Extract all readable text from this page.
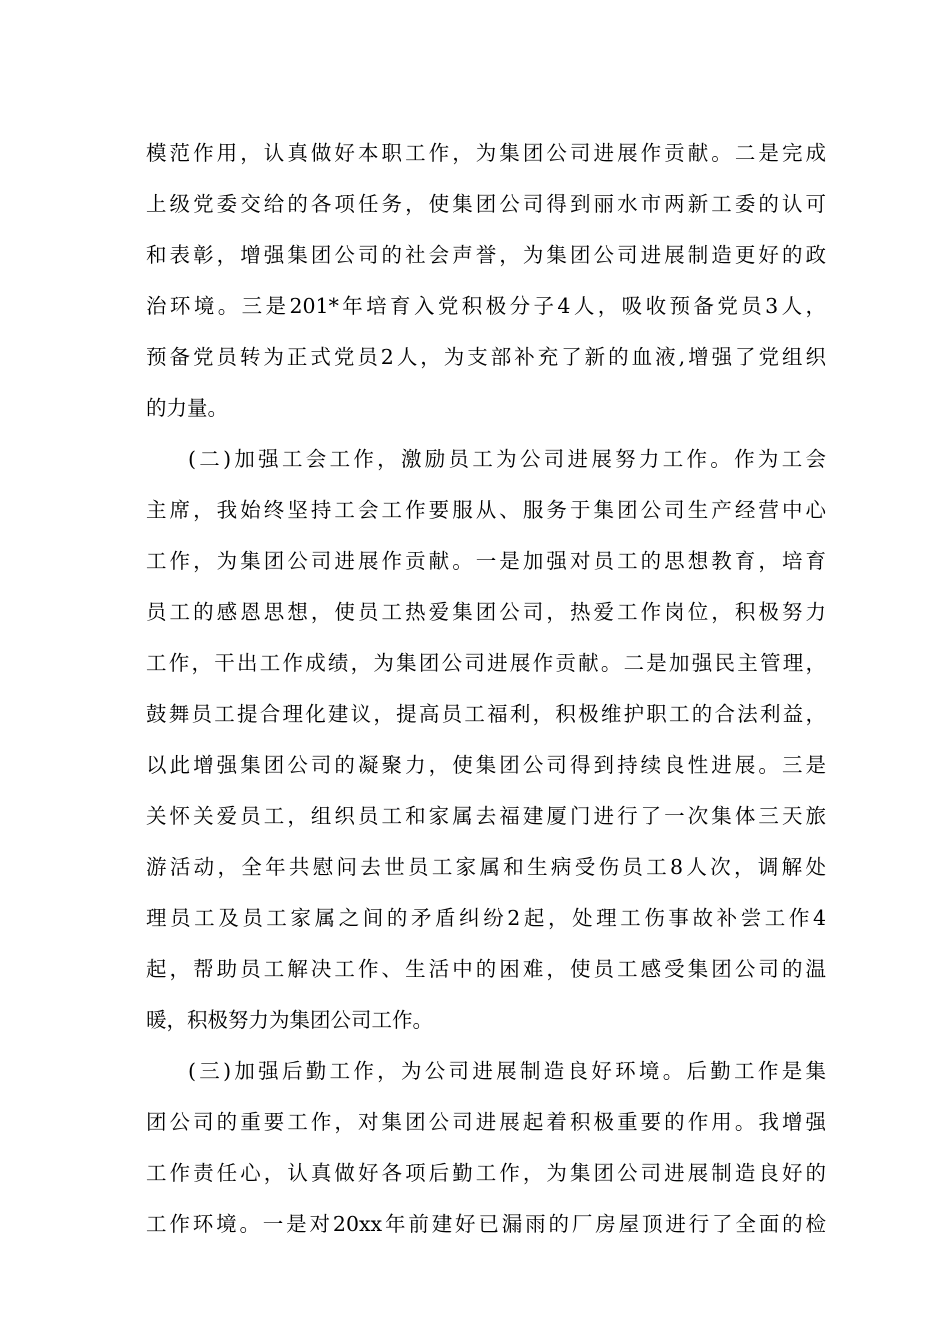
模范作用，认真做好本职工作，为集团公司进展作贡献。二是完成
上级党委交给的各项任务，使集团公司得到丽水市两新工委的认可
和表彰，增强集团公司的社会声誉，为集团公司进展制造更好的政
治环境。三是201*年培育入党积极分子4人，吸收预备党员3人，
预备党员转为正式党员2人，为支部补充了新的血液,增强了党组织
的力量。
(二)加强工会工作，激励员工为公司进展努力工作。作为工会
主席，我始终坚持工会工作要服从、服务于集团公司生产经营中心
工作，为集团公司进展作贡献。一是加强对员工的思想教育，培育
员工的感恩思想，使员工热爱集团公司，热爱工作岗位，积极努力
工作，干出工作成绩，为集团公司进展作贡献。二是加强民主管理，
鼓舞员工提合理化建议，提高员工福利，积极维护职工的合法利益，
以此增强集团公司的凝聚力，使集团公司得到持续良性进展。三是
关怀关爱员工，组织员工和家属去福建厦门进行了一次集体三天旅
游活动，全年共慰问去世员工家属和生病受伤员工8人次，调解处
理员工及员工家属之间的矛盾纠纷2起，处理工伤事故补尝工作4
起，帮助员工解决工作、生活中的困难，使员工感受集团公司的温
暖，积极努力为集团公司工作。
(三)加强后勤工作，为公司进展制造良好环境。后勤工作是集
团公司的重要工作，对集团公司进展起着积极重要的作用。我增强
工作责任心，认真做好各项后勤工作，为集团公司进展制造良好的
工作环境。一是对20xx年前建好已漏雨的厂房屋顶进行了全面的检
